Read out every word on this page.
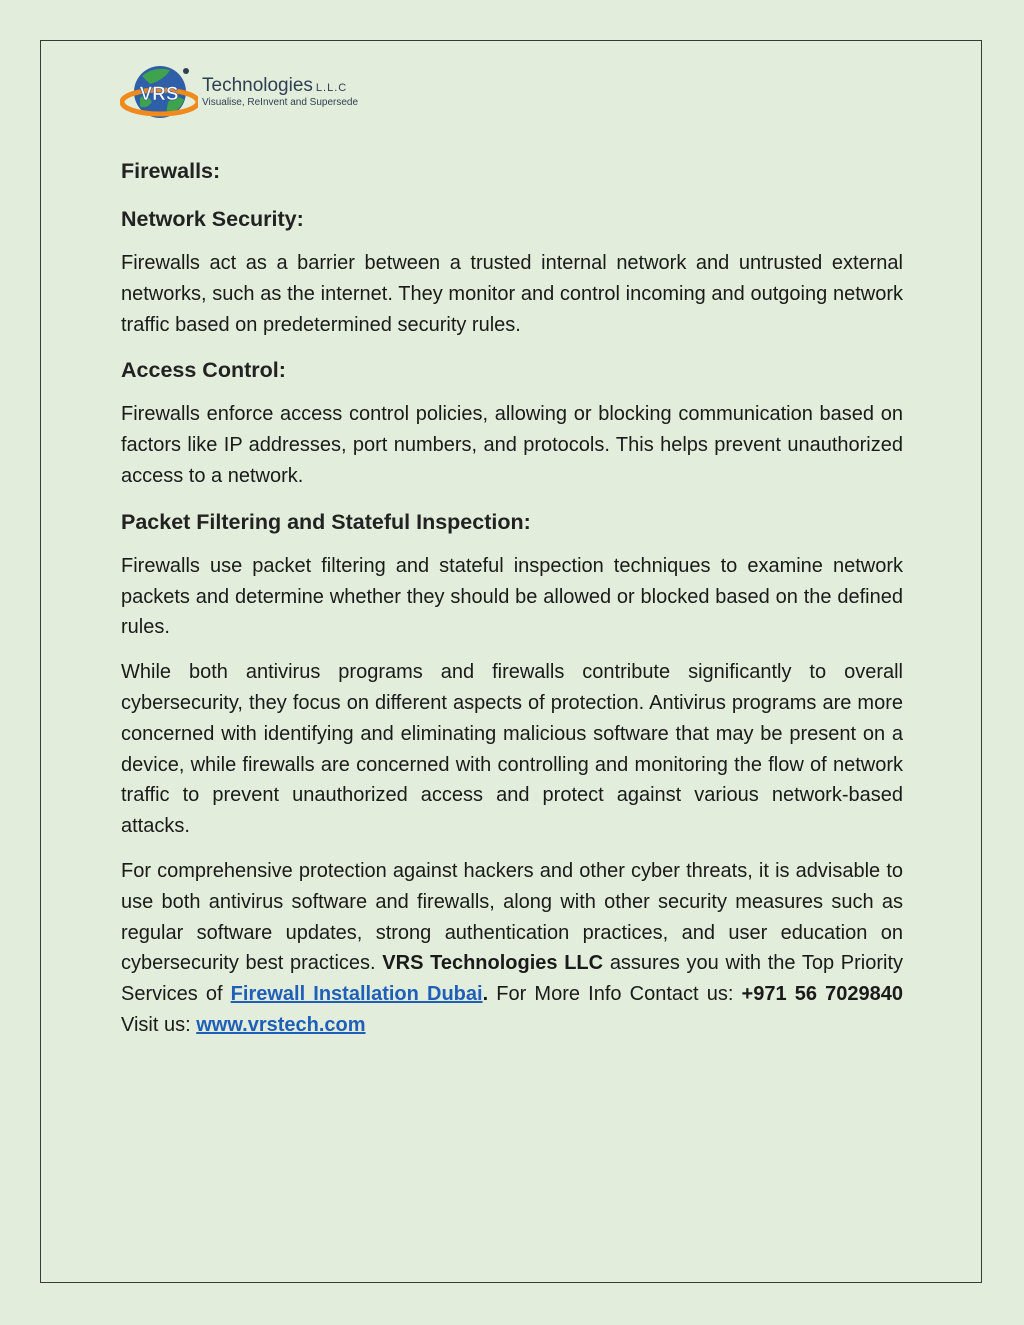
VRS Technologies L.L.C
Visualise, ReInvent and Supersede
Firewalls:
Network Security:

Firewalls act as a barrier between a trusted internal network and untrusted external networks, such as the internet. They monitor and control incoming and outgoing network traffic based on predetermined security rules.

Access Control:

Firewalls enforce access control policies, allowing or blocking communication based on factors like IP addresses, port numbers, and protocols. This helps prevent unauthorized access to a network.

Packet Filtering and Stateful Inspection:

Firewalls use packet filtering and stateful inspection techniques to examine network packets and determine whether they should be allowed or blocked based on the defined rules.

While both antivirus programs and firewalls contribute significantly to overall cybersecurity, they focus on different aspects of protection. Antivirus programs are more concerned with identifying and eliminating malicious software that may be present on a device, while firewalls are concerned with controlling and monitoring the flow of network traffic to prevent unauthorized access and protect against various network-based attacks.

For comprehensive protection against hackers and other cyber threats, it is advisable to use both antivirus software and firewalls, along with other security measures such as regular software updates, strong authentication practices, and user education on cybersecurity best practices. VRS Technologies LLC assures you with the Top Priority Services of Firewall Installation Dubai. For More Info Contact us: +971 56 7029840 Visit us: www.vrstech.com
